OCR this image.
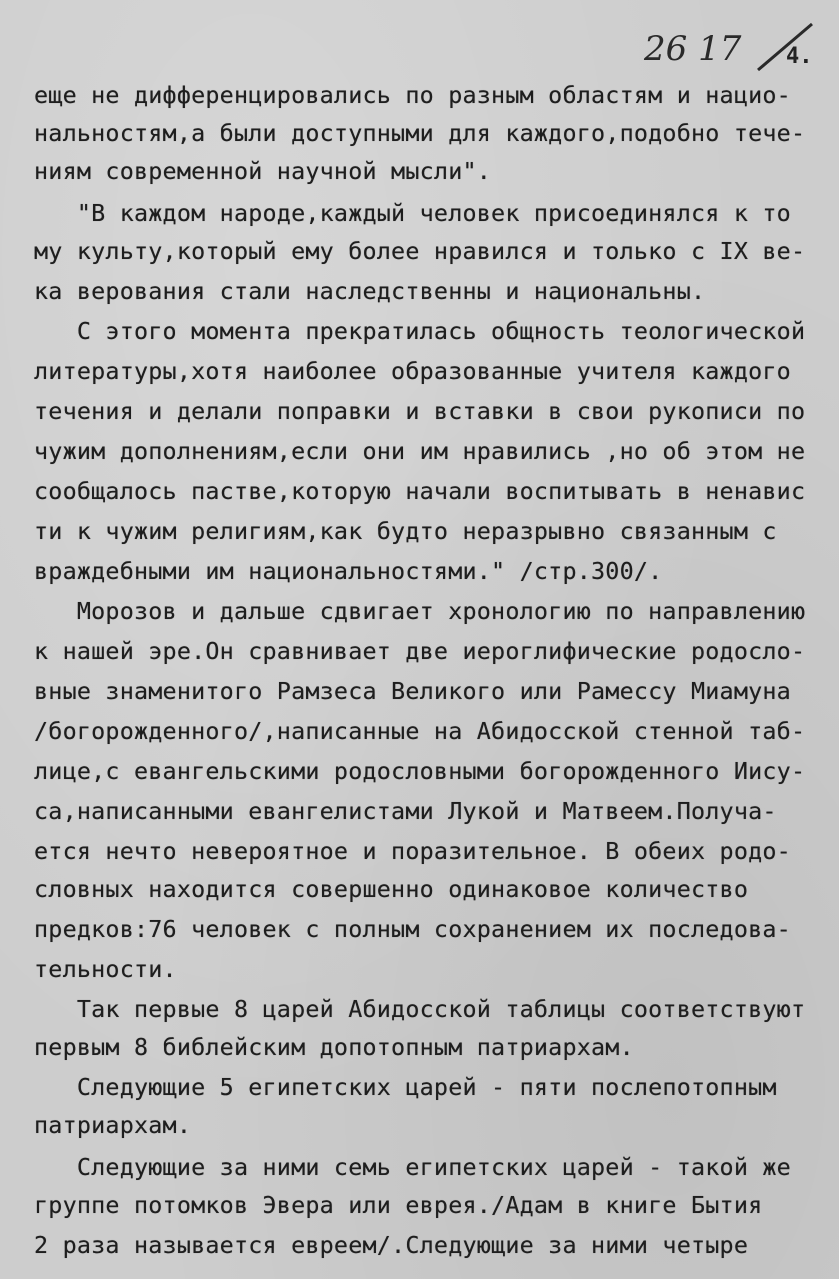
26 17 4.
еще не дифференцировались по разным областям и нацио-
нальностям,а были доступными для каждого,подобно тече-
ниям современной научной мысли".
"В каждом народе,каждый человек присоединялся к то
му культу,который ему более нравился и только с IX ве-
ка верования стали наследственны и национальны.
С этого момента прекратилась общность теологической
литературы,хотя наиболее образованные учителя каждого
течения и делали поправки и вставки в свои рукописи по
чужим дополнениям,если они им нравились ,но об этом не
сообщалось пастве,которую начали воспитывать в ненавис
ти к чужим религиям,как будто неразрывно связанным с
враждебными им национальностями." /стр.300/.
Морозов и дальше сдвигает хронологию по направлению
к нашей эре.Он сравнивает две иероглифические родосло-
вные знаменитого Рамзеса Великого или Рамессу Миамуна
/богорожденного/,написанные на Абидосской стенной таб-
лице,с евангельскими родословными богорожденного Иису-
са,написанными евангелистами Лукой и Матвеем.Получа-
ется нечто невероятное и поразительное. В обеих родо-
словных находится совершенно одинаковое количество
предков:76 человек с полным сохранением их последова-
тельности.
Так первые 8 царей Абидосской таблицы соответствуют
первым 8 библейским допотопным патриархам.
Следующие 5 египетских царей - пяти послепотопным
патриархам.
Следующие за ними семь египетских царей - такой же
группе потомков Эвера или еврея./Адам в книге Бытия
2 раза называется евреем/.Следующие за ними четыре
